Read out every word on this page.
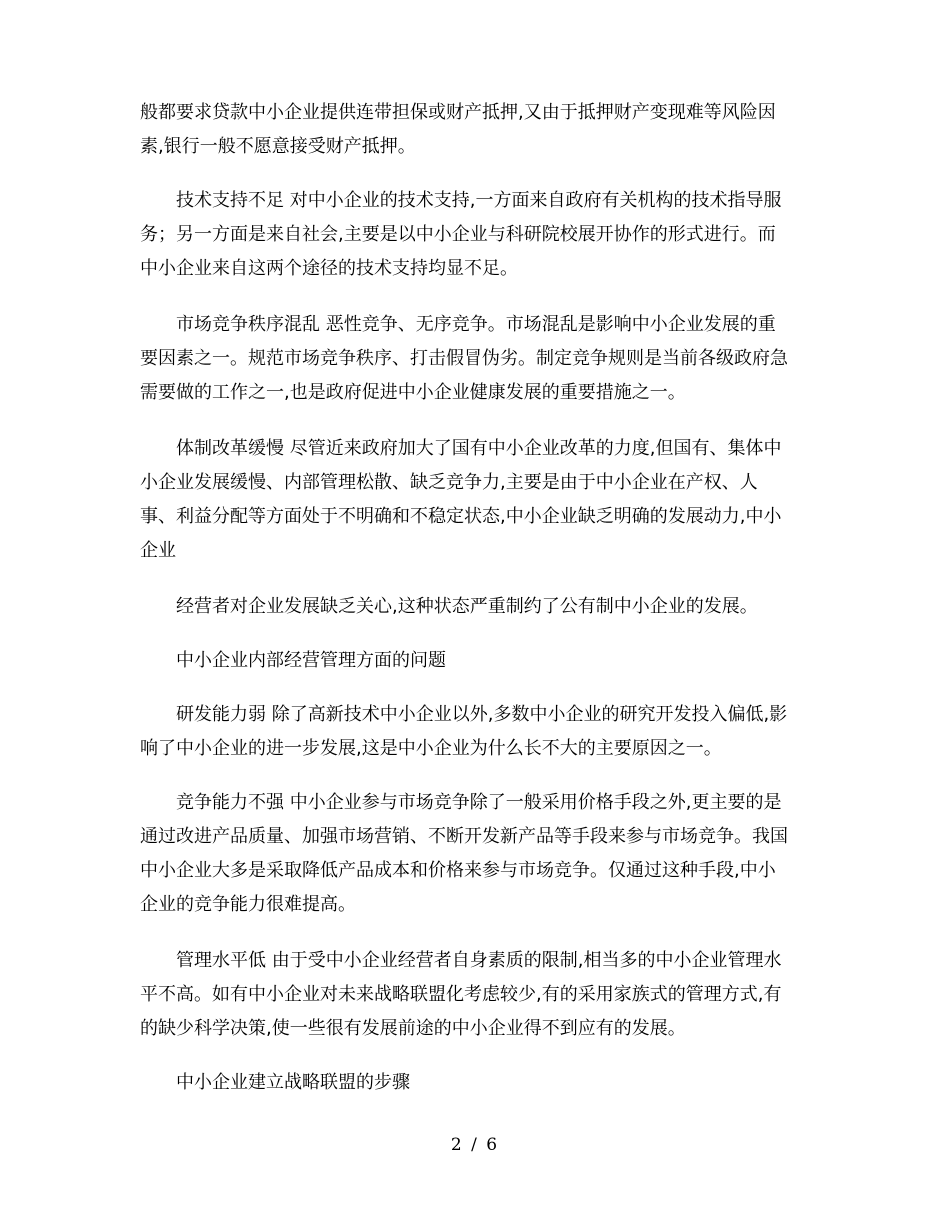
般都要求贷款中小企业提供连带担保或财产抵押,又由于抵押财产变现难等风险因
素,银行一般不愿意接受财产抵押。
技术支持不足 对中小企业的技术支持,一方面来自政府有关机构的技术指导服
务；另一方面是来自社会,主要是以中小企业与科研院校展开协作的形式进行。而
中小企业来自这两个途径的技术支持均显不足。
市场竞争秩序混乱 恶性竞争、无序竞争。市场混乱是影响中小企业发展的重
要因素之一。规范市场竞争秩序、打击假冒伪劣。制定竞争规则是当前各级政府急
需要做的工作之一,也是政府促进中小企业健康发展的重要措施之一。
体制改革缓慢 尽管近来政府加大了国有中小企业改革的力度,但国有、集体中
小企业发展缓慢、内部管理松散、缺乏竞争力,主要是由于中小企业在产权、人
事、利益分配等方面处于不明确和不稳定状态,中小企业缺乏明确的发展动力,中小
企业
经营者对企业发展缺乏关心,这种状态严重制约了公有制中小企业的发展。
中小企业内部经营管理方面的问题
研发能力弱 除了高新技术中小企业以外,多数中小企业的研究开发投入偏低,影
响了中小企业的进一步发展,这是中小企业为什么长不大的主要原因之一。
竞争能力不强 中小企业参与市场竞争除了一般采用价格手段之外,更主要的是
通过改进产品质量、加强市场营销、不断开发新产品等手段来参与市场竞争。我国
中小企业大多是采取降低产品成本和价格来参与市场竞争。仅通过这种手段,中小
企业的竞争能力很难提高。
管理水平低 由于受中小企业经营者自身素质的限制,相当多的中小企业管理水
平不高。如有中小企业对未来战略联盟化考虑较少,有的采用家族式的管理方式,有
的缺少科学决策,使一些很有发展前途的中小企业得不到应有的发展。
中小企业建立战略联盟的步骤
2 / 6
